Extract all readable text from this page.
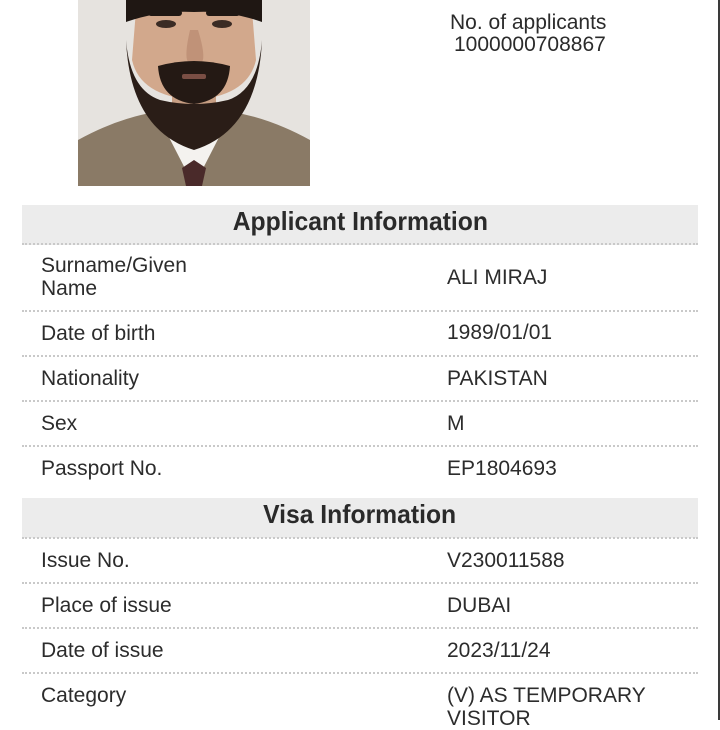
No. of applicants
1000000708867
Applicant Information
Surname/Given
Name	ALI MIRAJ
Date of birth	1989/01/01
Nationality	PAKISTAN
Sex	M
Passport No.	EP1804693
Visa Information
Issue No.	V230011588
Place of issue	DUBAI
Date of issue	2023/11/24
Category	(V) AS TEMPORARY VISITOR
